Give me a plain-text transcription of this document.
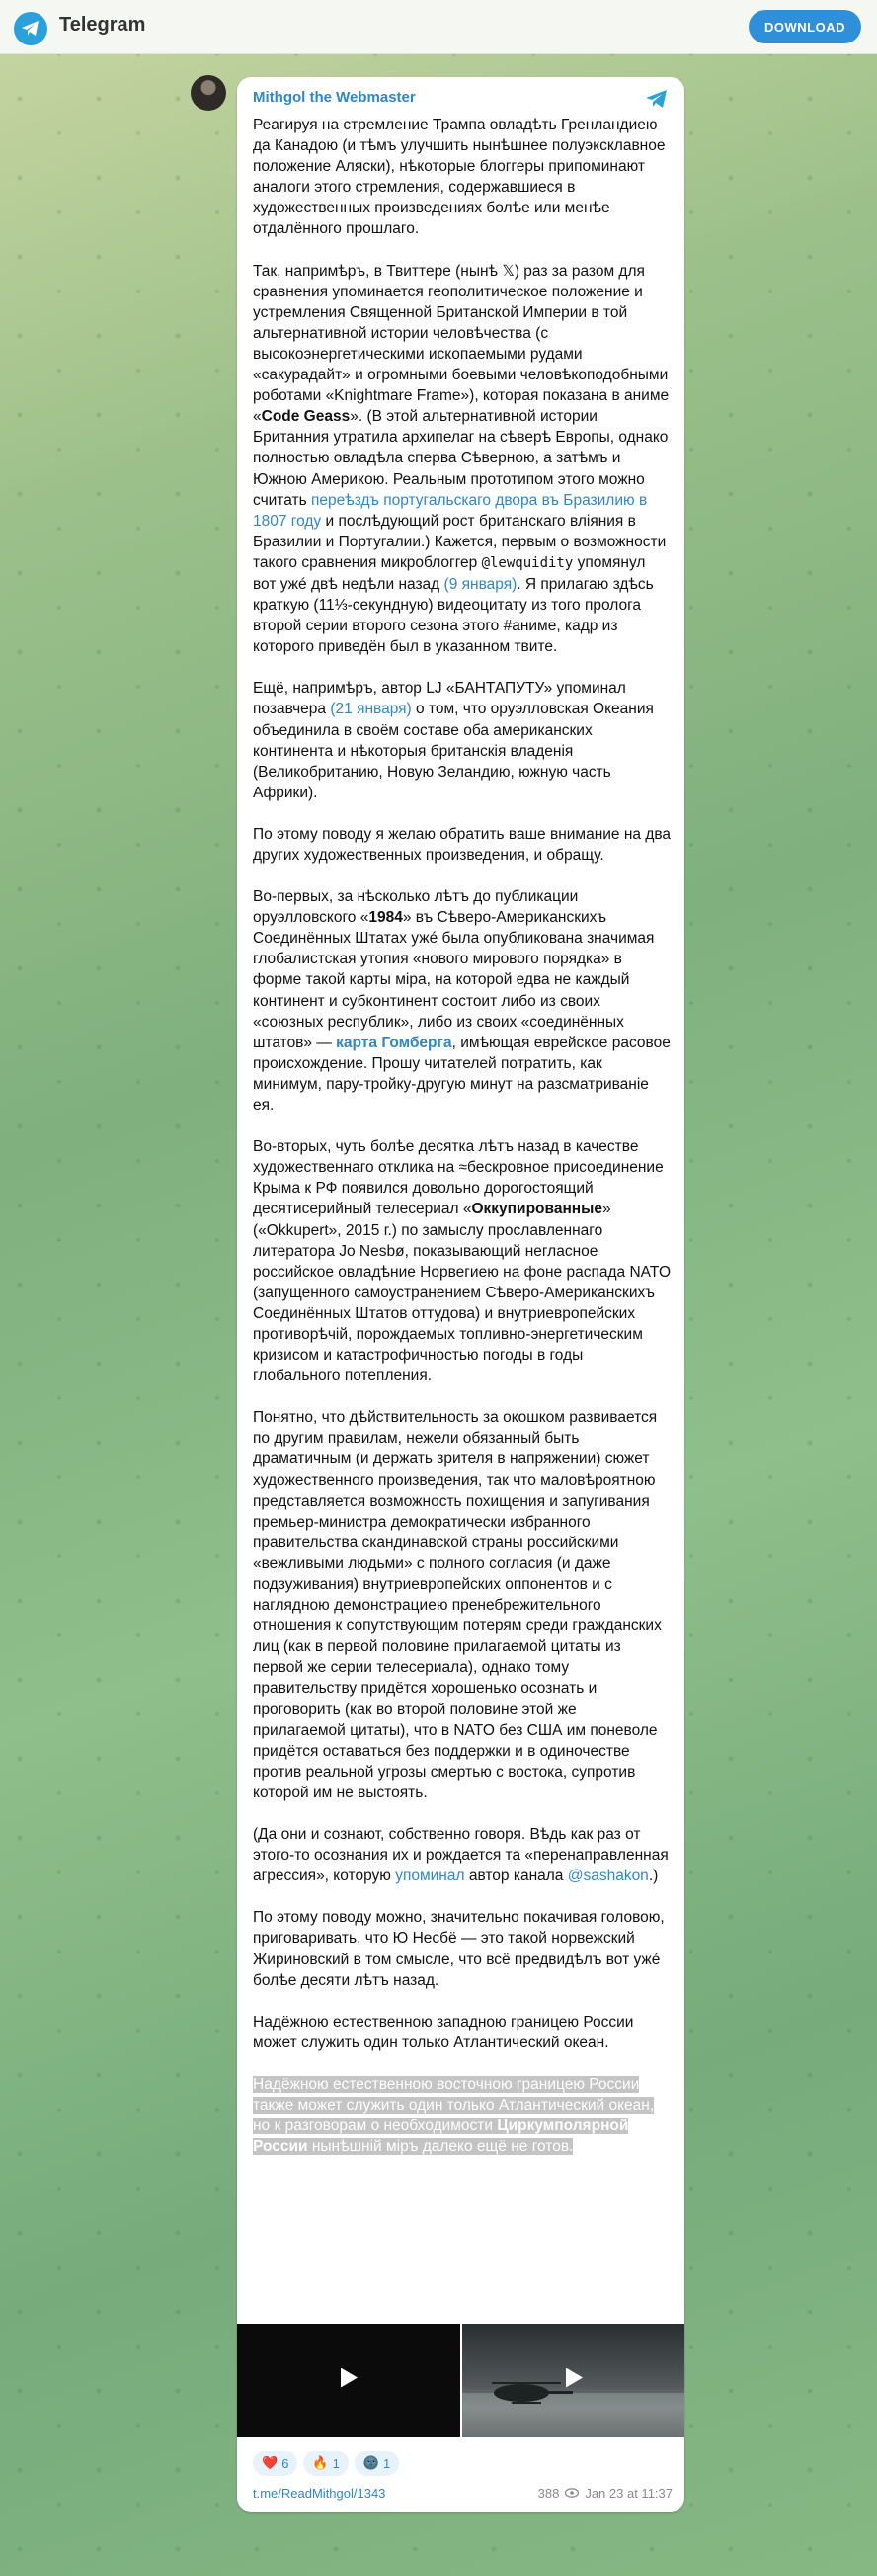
Telegram	DOWNLOAD
Mithgol the Webmaster

Реагируя на стремление Трампа овладѣть Гренландиею да Канадою (и тѣмъ улучшить нынѣшнее полуэксклавное положение Аляски), нѣкоторые блоггеры припоминают аналоги этого стремления, содержавшиеся в художественных произведениях болѣе или менѣе отдалённого прошлаго.

Так, напримѣръ, в Твиттере (нынѣ 𝕏) раз за разом для сравнения упоминается геополитическое положение и устремления Священной Британской Империи в той альтернативной истории человѣчества (с высокоэнергетическими ископаемыми рудами «сакурадайт» и огромными боевыми человѣкоподобными роботами «Knightmare Frame»), которая показана в аниме «Code Geass». (В этой альтернативной истории Британния утратила архипелаг на сѣверѣ Европы, однако полностью овладѣла сперва Сѣверною, а затѣмъ и Южною Америкою. Реальным прототипом этого можно считать переѣздъ португальскаго двора въ Бразилию в 1807 году и послѣдующий рост британскаго вліяния в Бразилии и Португалии.) Кажется, первым о возможности такого сравнения микроблоггер @lewquidity упомянул вот ужé двѣ недѣли назад (9 января). Я прилагаю здѣсь краткую (11⅓-секундную) видеоцитату из того пролога второй серии второго сезона этого #аниме, кадр из которого приведён был в указанном твите.

Ещё, напримѣръ, автор LJ «БАНТАПУТУ» упоминал позавчера (21 января) о том, что оруэлловская Океания объединила в своём составе оба американских континента и нѣкоторыя британскія владенія (Великобританию, Новую Зеландию, южную часть Африки).

По этому поводу я желаю обратить ваше внимание на два других художественных произведения, и обращу.

Во-первых, за нѣсколько лѣтъ до публикации оруэлловского «1984» въ Сѣверо-Американскихъ Соединённых Штатах ужé была опубликована значимая глобалистская утопия «нового мирового порядка» в форме такой карты міра, на которой едва не каждый континент и субконтинент состоит либо из своих «союзных республик», либо из своих «соединённых штатов» — карта Гомберга, имѣющая еврейское расовое происхождение. Прошу читателей потратить, как минимум, пару-тройку-другую минут на разсматриваніе ея.

Во-вторых, чуть болѣе десятка лѣтъ назад в качестве художественнаго отклика на ≈бескровное присоединение Крыма к РФ появился довольно дорогостоящий десятисерийный телесериал «Оккупированные» («Okkupert», 2015 г.) по замыслу прославленнаго литератора Jo Nesbø, показывающий негласное российское овладѣние Норвегиею на фоне распада NATO (запущенного самоустранением Сѣверо-Американскихъ Соединённых Штатов оттудова) и внутриевропейских противорѣчій, порождаемых топливно-энергетическим кризисом и катастрофичностью погоды в годы глобального потепления.

Понятно, что дѣйствительность за окошком развивается по другим правилам, нежели обязанный быть драматичным (и держать зрителя в напряжении) сюжет художественного произведения, так что маловѣроятною представляется возможность похищения и запугивания премьер-министра демократически избранного правительства скандинавской страны российскими «вежливыми людьми» с полного согласия (и даже подзуживания) внутриевропейских оппонентов и с наглядною демонстрациею пренебрежительного отношения к сопутствующим потерям среди гражданских лиц (как в первой половине прилагаемой цитаты из первой же серии телесериала), однако тому правительству придётся хорошенько осознать и проговорить (как во второй половине этой же прилагаемой цитаты), что в NATO без США им поневоле придётся оставаться без поддержки и в одиночестве против реальной угрозы смертью с востока, супротив которой им не выстоять.

(Да они и сознают, собственно говоря. Вѣдь как раз от этого-то осознания их и рождается та «перенаправленная агрессия», которую упоминал автор канала @sashakon.)

По этому поводу можно, значительно покачивая головою, приговаривать, что Ю Несбё — это такой норвежский Жириновский в том смысле, что всё предвидѣлъ вот ужé болѣе десяти лѣтъ назад.

Надёжною естественною западною границею России может служить один только Атлантический океан.

Надёжною естественною восточною границею России также может служить один только Атлантический океан, но к разговорам о необходимости Циркумполярной России нынѣшній міръ далеко ещё не готов.

❤️ 6 🔥 1 🌚 1
t.me/ReadMithgol/1343	388 Jan 23 at 11:37
